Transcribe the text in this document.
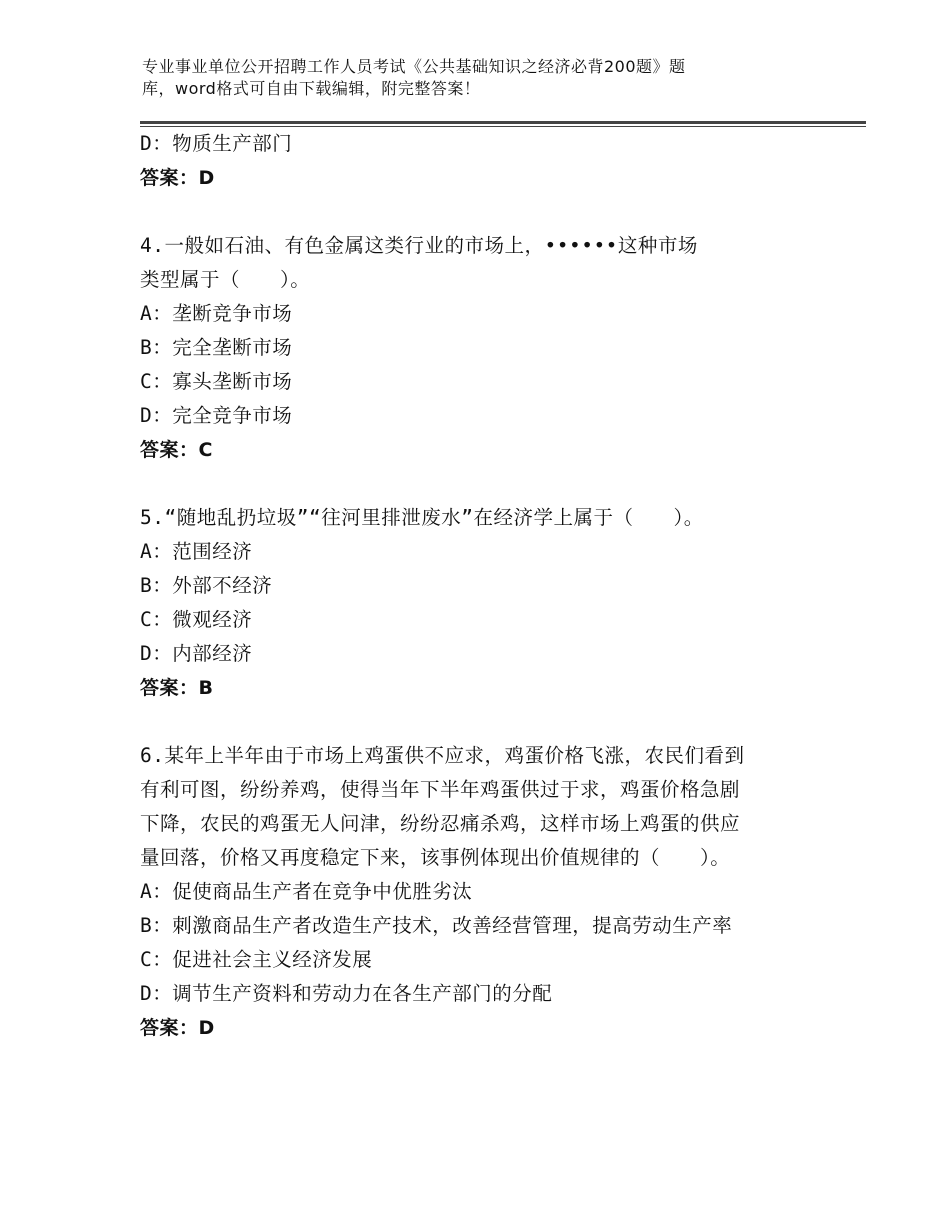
专业事业单位公开招聘工作人员考试《公共基础知识之经济必背200题》题
库，word格式可自由下载编辑，附完整答案！
D：物质生产部门
答案：D
4.一般如石油、有色金属这类行业的市场上，••••••这种市场
类型属于（　　）。
A：垄断竞争市场
B：完全垄断市场
C：寡头垄断市场
D：完全竞争市场
答案：C
5.“随地乱扔垃圾”“往河里排泄废水”在经济学上属于（　　）。
A：范围经济
B：外部不经济
C：微观经济
D：内部经济
答案：B
6.某年上半年由于市场上鸡蛋供不应求，鸡蛋价格飞涨，农民们看到
有利可图，纷纷养鸡，使得当年下半年鸡蛋供过于求，鸡蛋价格急剧
下降，农民的鸡蛋无人问津，纷纷忍痛杀鸡，这样市场上鸡蛋的供应
量回落，价格又再度稳定下来，该事例体现出价值规律的（　　）。
A：促使商品生产者在竞争中优胜劣汰
B：刺激商品生产者改造生产技术，改善经营管理，提高劳动生产率
C：促进社会主义经济发展
D：调节生产资料和劳动力在各生产部门的分配
答案：D
